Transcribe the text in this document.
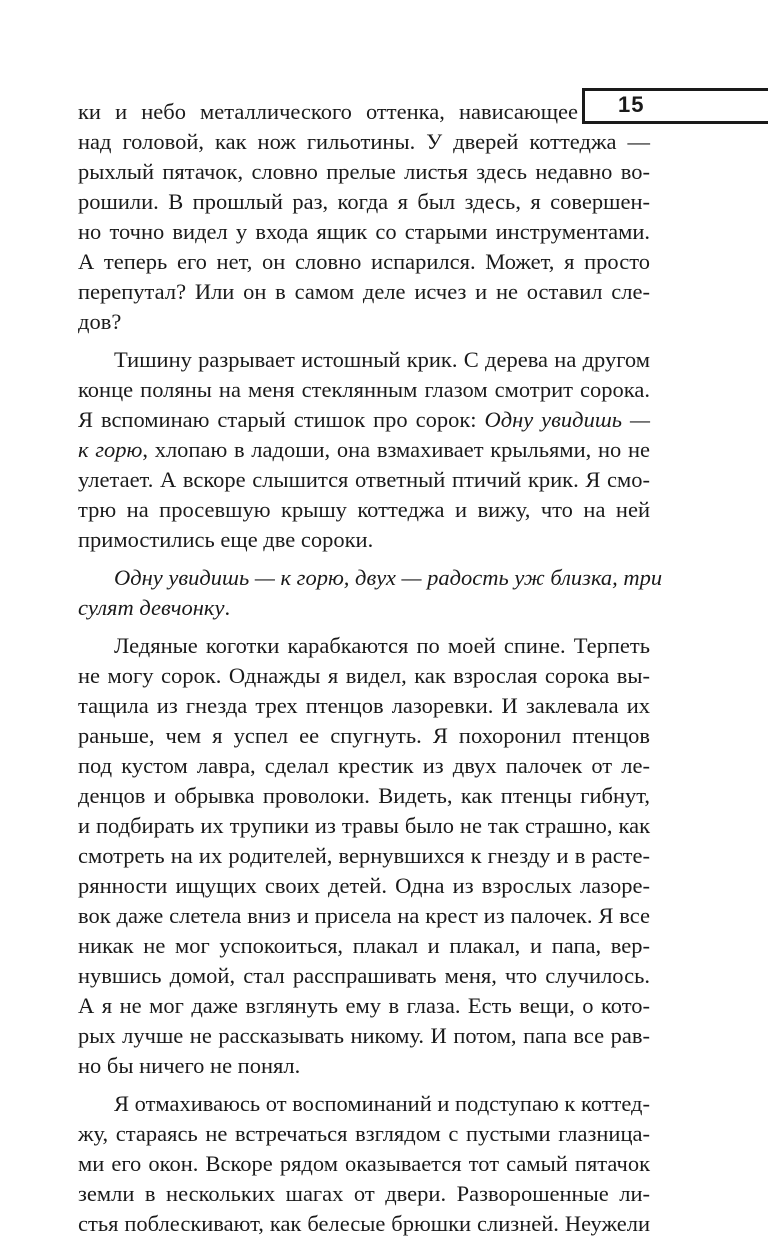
15
ки и небо металлического оттенка, нависающее
над головой, как нож гильотины. У дверей коттеджа —
рыхлый пятачок, словно прелые листья здесь недавно во-
рошили. В прошлый раз, когда я был здесь, я совершен-
но точно видел у входа ящик со старыми инструментами.
А теперь его нет, он словно испарился. Может, я просто
перепутал? Или он в самом деле исчез и не оставил сле-
дов?
Тишину разрывает истошный крик. С дерева на другом
конце поляны на меня стеклянным глазом смотрит сорока.
Я вспоминаю старый стишок про сорок: Одну увидишь —
к горю, хлопаю в ладоши, она взмахивает крыльями, но не
улетает. А вскоре слышится ответный птичий крик. Я смо-
трю на просевшую крышу коттеджа и вижу, что на ней
примостились еще две сороки.
Одну увидишь — к горю, двух — радость уж близка, три
сулят девчонку.
Ледяные коготки карабкаются по моей спине. Терпеть
не могу сорок. Однажды я видел, как взрослая сорока вы-
тащила из гнезда трех птенцов лазоревки. И заклевала их
раньше, чем я успел ее спугнуть. Я похоронил птенцов
под кустом лавра, сделал крестик из двух палочек от ле-
денцов и обрывка проволоки. Видеть, как птенцы гибнут,
и подбирать их трупики из травы было не так страшно, как
смотреть на их родителей, вернувшихся к гнезду и в расте-
рянности ищущих своих детей. Одна из взрослых лазоре-
вок даже слетела вниз и присела на крест из палочек. Я все
никак не мог успокоиться, плакал и плакал, и папа, вер-
нувшись домой, стал расспрашивать меня, что случилось.
А я не мог даже взглянуть ему в глаза. Есть вещи, о кото-
рых лучше не рассказывать никому. И потом, папа все рав-
но бы ничего не понял.
Я отмахиваюсь от воспоминаний и подступаю к коттед-
жу, стараясь не встречаться взглядом с пустыми глазница-
ми его окон. Вскоре рядом оказывается тот самый пятачок
земли в нескольких шагах от двери. Разворошенные ли-
стья поблескивают, как белесые брюшки слизней. Неужели
